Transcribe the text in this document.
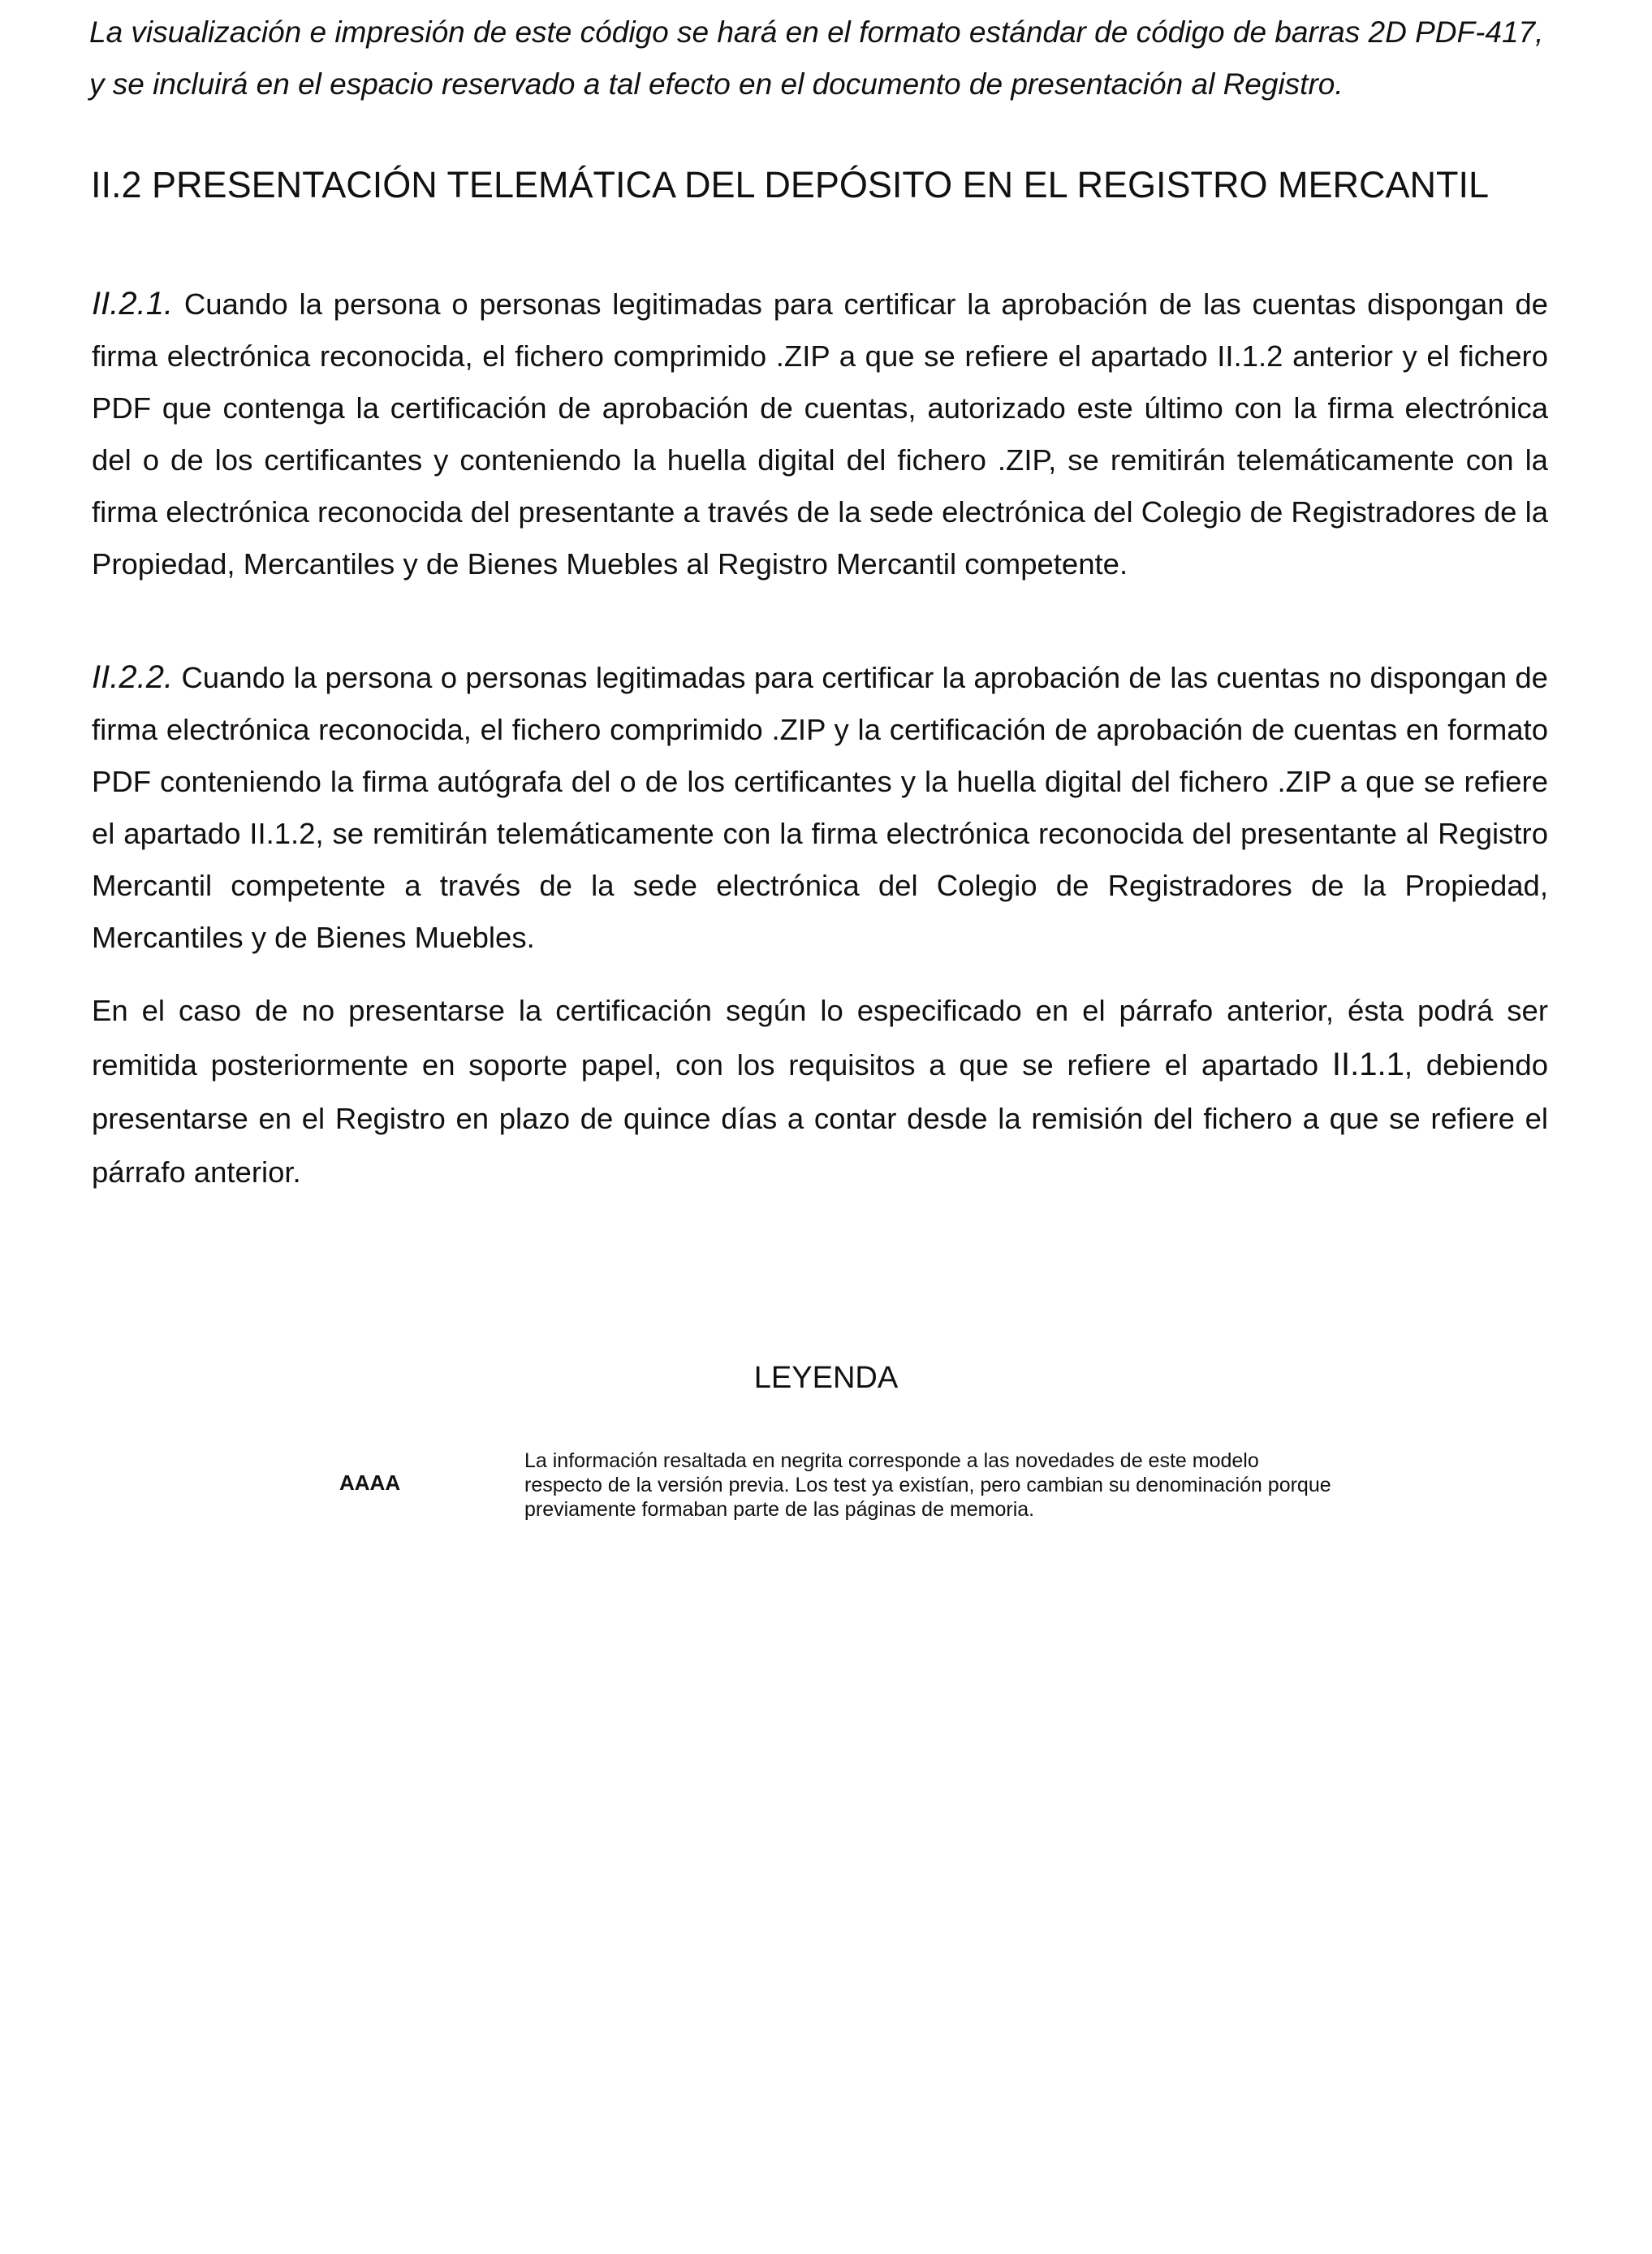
La visualización e impresión de este código se hará en el formato estándar de código de barras 2D PDF-417, y se incluirá en el espacio reservado a tal efecto en el documento de presentación al Registro.

II.2 PRESENTACIÓN TELEMÁTICA DEL DEPÓSITO EN EL REGISTRO MERCANTIL

II.2.1. Cuando la persona o personas legitimadas para certificar la aprobación de las cuentas dispongan de firma electrónica reconocida, el fichero comprimido .ZIP a que se refiere el apartado II.1.2 anterior y el fichero PDF que contenga la certificación de aprobación de cuentas, autorizado este último con la firma electrónica del o de los certificantes y conteniendo la huella digital del fichero .ZIP, se remitirán telemáticamente con la firma electrónica reconocida del presentante a través de la sede electrónica del Colegio de Registradores de la Propiedad, Mercantiles y de Bienes Muebles al Registro Mercantil competente.

II.2.2. Cuando la persona o personas legitimadas para certificar la aprobación de las cuentas no dispongan de firma electrónica reconocida, el fichero comprimido .ZIP y la certificación de aprobación de cuentas en formato PDF conteniendo la firma autógrafa del o de los certificantes y la huella digital del fichero .ZIP a que se refiere el apartado II.1.2, se remitirán telemáticamente con la firma electrónica reconocida del presentante al Registro Mercantil competente a través de la sede electrónica del Colegio de Registradores de la Propiedad, Mercantiles y de Bienes Muebles.

En el caso de no presentarse la certificación según lo especificado en el párrafo anterior, ésta podrá ser remitida posteriormente en soporte papel, con los requisitos a que se refiere el apartado II.1.1, debiendo presentarse en el Registro en plazo de quince días a contar desde la remisión del fichero a que se refiere el párrafo anterior.

LEYENDA
AAAA

La información resaltada en negrita corresponde a las novedades de este modelo respecto de la versión previa. Los test ya existían, pero cambian su denominación porque previamente formaban parte de las páginas de memoria.
